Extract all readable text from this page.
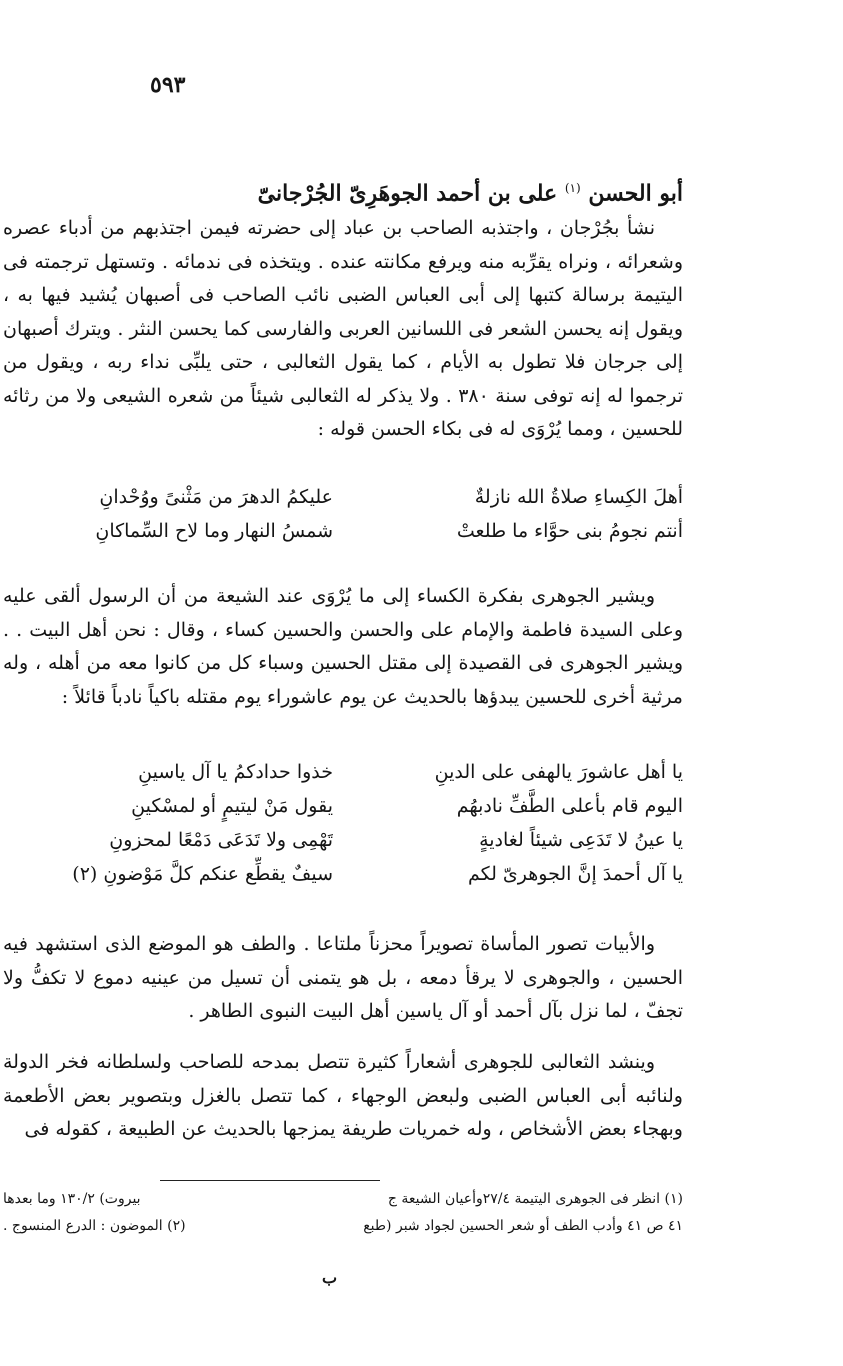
٥٩٣
أبو الحسن $^{(١)}$ على بن أحمد الجوهَرِىّ الجُرْجانىّ

نشأ بجُرْجان ، واجتذبه الصاحب بن عباد إلى حضرته فيمن اجتذبهم من أدباء عصره وشعرائه ، ونراه يقرِّبه منه ويرفع مكانته عنده . ويتخذه فى ندمائه . وتستهل ترجمته فى اليتيمة برسالة كتبها إلى أبى العباس الضبى نائب الصاحب فى أصبهان يُشيد فيها به ، ويقول إنه يحسن الشعر فى اللسانين العربى والفارسى كما يحسن النثر . ويترك أصبهان إلى جرجان فلا تطول به الأيام ، كما يقول الثعالبى ، حتى يلبِّى نداء ربه ، ويقول من ترجموا له إنه توفى سنة ٣٨٠ . ولا يذكر له الثعالبى شيئاً من شعره الشيعى ولا من رثائه للحسين ، ومما يُرْوَى له فى بكاء الحسن قوله :

أهلَ الكِساءِ صلاةُ الله نازلةٌ
عليكمُ الدهرَ من مَثْنىً ووُحْدانِ
أنتم نجومُ بنى حوَّاء ما طلعتْ
شمسُ النهار وما لاح السِّماكانِ

ويشير الجوهرى بفكرة الكساء إلى ما يُرْوَى عند الشيعة من أن الرسول ألقى عليه وعلى السيدة فاطمة والإمام على والحسن والحسين كساء ، وقال : نحن أهل البيت . . ويشير الجوهرى فى القصيدة إلى مقتل الحسين وسباء كل من كانوا معه من أهله ، وله مرثية أخرى للحسين يبدؤها بالحديث عن يوم عاشوراء يوم مقتله باكياً نادباً قائلاً :

يا أهل عاشورَ يالهفى على الدينِ
خذوا حدادكمُ يا آل ياسينِ
اليوم قام بأعلى الطَّفِّ نادبهُم
يقول مَنْ ليتيمٍ أو لمسْكينِ
يا عينُ لا تَدَعِى شيئاً لغاديةٍ
تَهْمِى ولا تَدَعَى دَمْعًا لمحزونِ
يا آل أحمدَ إنَّ الجوهرىّ لكم
سيفٌ يقطِّع عنكم كلَّ مَوْضونِ (٢)

والأبيات تصور المأساة تصويراً محزناً ملتاعا . والطف هو الموضع الذى استشهد فيه الحسين ، والجوهرى لا يرقأ دمعه ، بل هو يتمنى أن تسيل من عينيه دموع لا تكفُّ ولا تجفّ ، لما نزل بآل أحمد أو آل ياسين أهل البيت النبوى الطاهر .

وينشد الثعالبى للجوهرى أشعاراً كثيرة تتصل بمدحه للصاحب ولسلطانه فخر الدولة ولنائبه أبى العباس الضبى ولبعض الوجهاء ، كما تتصل بالغزل وبتصوير بعض الأطعمة وبهجاء بعض الأشخاص ، وله خمريات طريفة يمزجها بالحديث عن الطبيعة ، كقوله فى

(١) انظر فى الجوهرى اليتيمة ٢٧/٤وأعيان الشيعة ج
بيروت) ١٣٠/٢ وما بعدها
٤١ ص ٤١ وأدب الطف أو شعر الحسين لجواد شبر (طبع
(٢) الموضون : الدرع المنسوج .
ب
